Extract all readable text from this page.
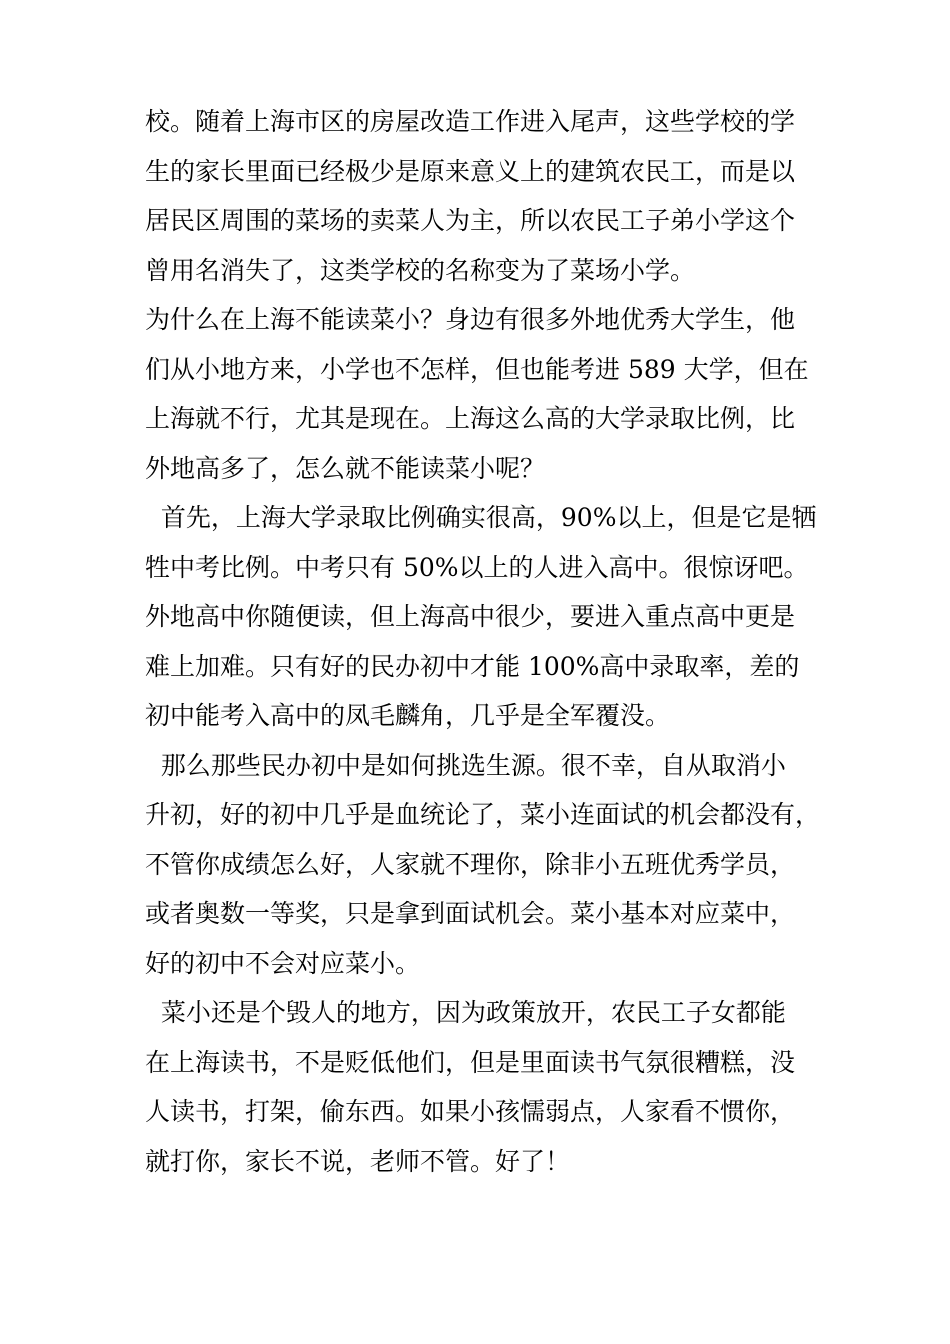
校。随着上海市区的房屋改造工作进入尾声，这些学校的学
生的家长里面已经极少是原来意义上的建筑农民工，而是以
居民区周围的菜场的卖菜人为主，所以农民工子弟小学这个
曾用名消失了，这类学校的名称变为了菜场小学。
为什么在上海不能读菜小？身边有很多外地优秀大学生，他
们从小地方来，小学也不怎样，但也能考进 589 大学，但在
上海就不行，尤其是现在。上海这么高的大学录取比例，比
外地高多了，怎么就不能读菜小呢？
首先，上海大学录取比例确实很高，90%以上，但是它是牺
牲中考比例。中考只有 50%以上的人进入高中。很惊讶吧。
外地高中你随便读，但上海高中很少，要进入重点高中更是
难上加难。只有好的民办初中才能 100%高中录取率，差的
初中能考入高中的凤毛麟角，几乎是全军覆没。
那么那些民办初中是如何挑选生源。很不幸，自从取消小
升初，好的初中几乎是血统论了，菜小连面试的机会都没有，
不管你成绩怎么好，人家就不理你，除非小五班优秀学员，
或者奥数一等奖，只是拿到面试机会。菜小基本对应菜中，
好的初中不会对应菜小。
菜小还是个毁人的地方，因为政策放开，农民工子女都能
在上海读书，不是贬低他们，但是里面读书气氛很糟糕，没
人读书，打架，偷东西。如果小孩懦弱点，人家看不惯你，
就打你，家长不说，老师不管。好了！
